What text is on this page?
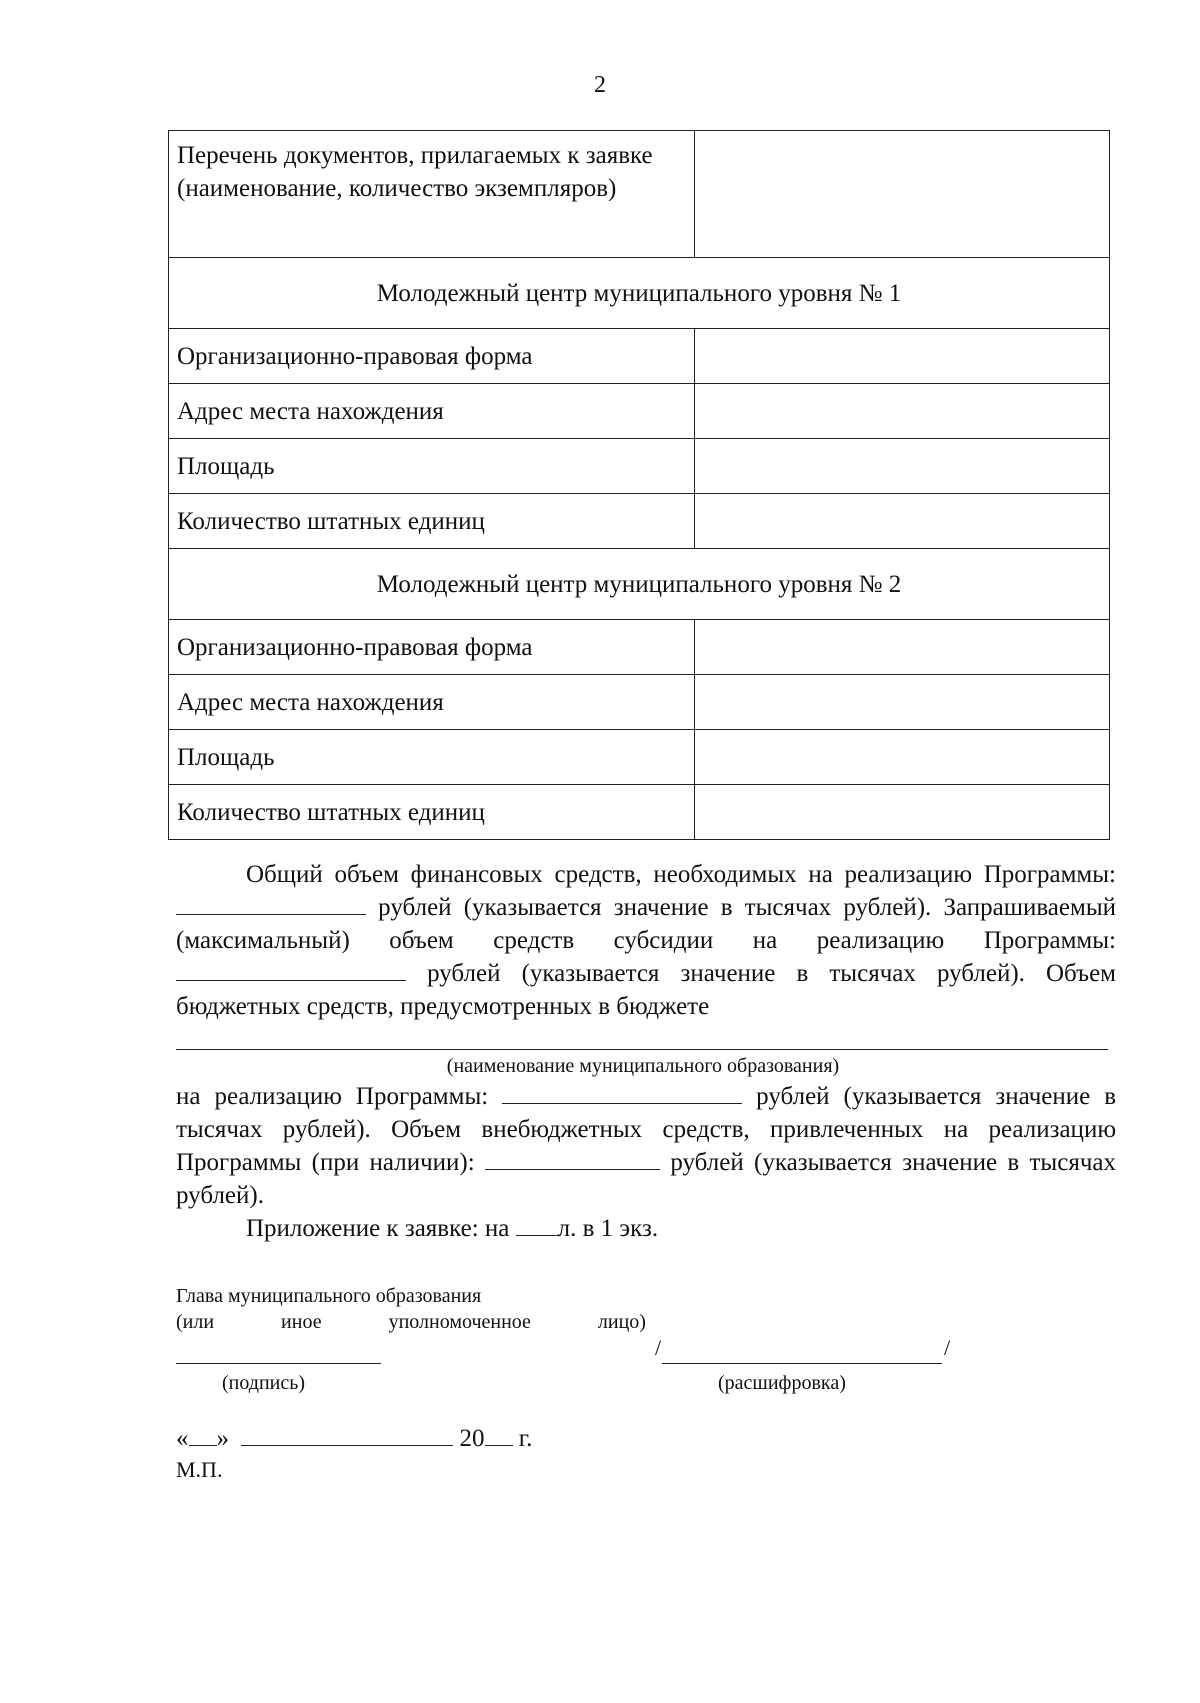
2
Перечень документов, прилагаемых к заявке (наименование, количество экземпляров)	
Молодежный центр муниципального уровня № 1	
Организационно-правовая форма	
Адрес места нахождения	
Площадь	
Количество штатных единиц	
Молодежный центр муниципального уровня № 2	
Организационно-правовая форма	
Адрес места нахождения	
Площадь	
Количество штатных единиц	
Общий объем финансовых средств, необходимых на реализацию Программы:  рублей (указывается значение в тысячах рублей). Запрашиваемый (максимальный) объем средств субсидии на реализацию Программы:  рублей (указывается значение в тысячах рублей). Объем бюджетных средств, предусмотренных в бюджете
(наименование муниципального образования)
на реализацию Программы:	рублей (указывается значение в тысячах рублей). Объем внебюджетных средств, привлеченных на реализацию Программы (при наличии):	рублей (указывается значение в тысячах рублей).
Приложение к заявке: на л. в 1 экз.
Глава муниципального образования
(или	иное	уполномоченное	лицо)
/	/
(подпись)	(расшифровка)
« »	20 г.
М.П.
